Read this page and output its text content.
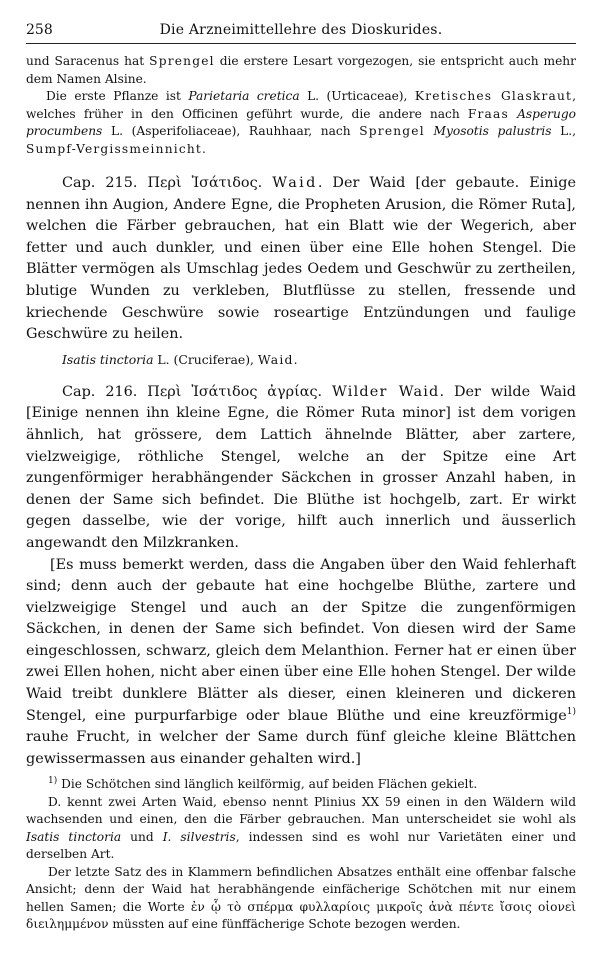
258	Die Arzneimittellehre des Dioskurides.

und Saracenus hat Sprengel die erstere Lesart vorgezogen, sie entspricht auch mehr dem Namen Alsine.

Die erste Pflanze ist Parietaria cretica L. (Urticaceae), Kretisches Glaskraut, welches früher in den Officinen geführt wurde, die andere nach Fraas Asperugo procumbens L. (Asperifoliaceae), Rauhhaar, nach Sprengel Myosotis palustris L., Sumpf-Vergissmeinnicht.

Cap. 215. Περὶ Ἰσάτιδος. Waid. Der Waid [der gebaute. Einige nennen ihn Augion, Andere Egne, die Propheten Arusion, die Römer Ruta], welchen die Färber gebrauchen, hat ein Blatt wie der Wegerich, aber fetter und auch dunkler, und einen über eine Elle hohen Stengel. Die Blätter vermögen als Umschlag jedes Oedem und Geschwür zu zertheilen, blutige Wunden zu verkleben, Blutflüsse zu stellen, fressende und kriechende Geschwüre sowie roseartige Entzündungen und faulige Geschwüre zu heilen.

Isatis tinctoria L. (Cruciferae), Waid.

Cap. 216. Περὶ Ἰσάτιδος ἀγρίας. Wilder Waid. Der wilde Waid [Einige nennen ihn kleine Egne, die Römer Ruta minor] ist dem vorigen ähnlich, hat grössere, dem Lattich ähnelnde Blätter, aber zartere, vielzweigige, röthliche Stengel, welche an der Spitze eine Art zungenförmiger herabhängender Säckchen in grosser Anzahl haben, in denen der Same sich befindet. Die Blüthe ist hochgelb, zart. Er wirkt gegen dasselbe, wie der vorige, hilft auch innerlich und äusserlich angewandt den Milzkranken.

[Es muss bemerkt werden, dass die Angaben über den Waid fehlerhaft sind; denn auch der gebaute hat eine hochgelbe Blüthe, zartere und vielzweigige Stengel und auch an der Spitze die zungenförmigen Säckchen, in denen der Same sich befindet. Von diesen wird der Same eingeschlossen, schwarz, gleich dem Melanthion. Ferner hat er einen über zwei Ellen hohen, nicht aber einen über eine Elle hohen Stengel. Der wilde Waid treibt dunklere Blätter als dieser, einen kleineren und dickeren Stengel, eine purpurfarbige oder blaue Blüthe und eine kreuzförmige$^{1)}$ rauhe Frucht, in welcher der Same durch fünf gleiche kleine Blättchen gewissermassen aus einander gehalten wird.]

$^{1)}$ Die Schötchen sind länglich keilförmig, auf beiden Flächen gekielt.

D. kennt zwei Arten Waid, ebenso nennt Plinius XX 59 einen in den Wäldern wild wachsenden und einen, den die Färber gebrauchen. Man unterscheidet sie wohl als Isatis tinctoria und I. silvestris, indessen sind es wohl nur Varietäten einer und derselben Art.

Der letzte Satz des in Klammern befindlichen Absatzes enthält eine offenbar falsche Ansicht; denn der Waid hat herabhängende einfächerige Schötchen mit nur einem hellen Samen; die Worte ἐν ᾧ τὸ σπέρμα φυλλαρίοις μικροῖς ἀνὰ πέντε ἴσοις οἱονεὶ διειλημμένον müssten auf eine fünffächerige Schote bezogen werden.
